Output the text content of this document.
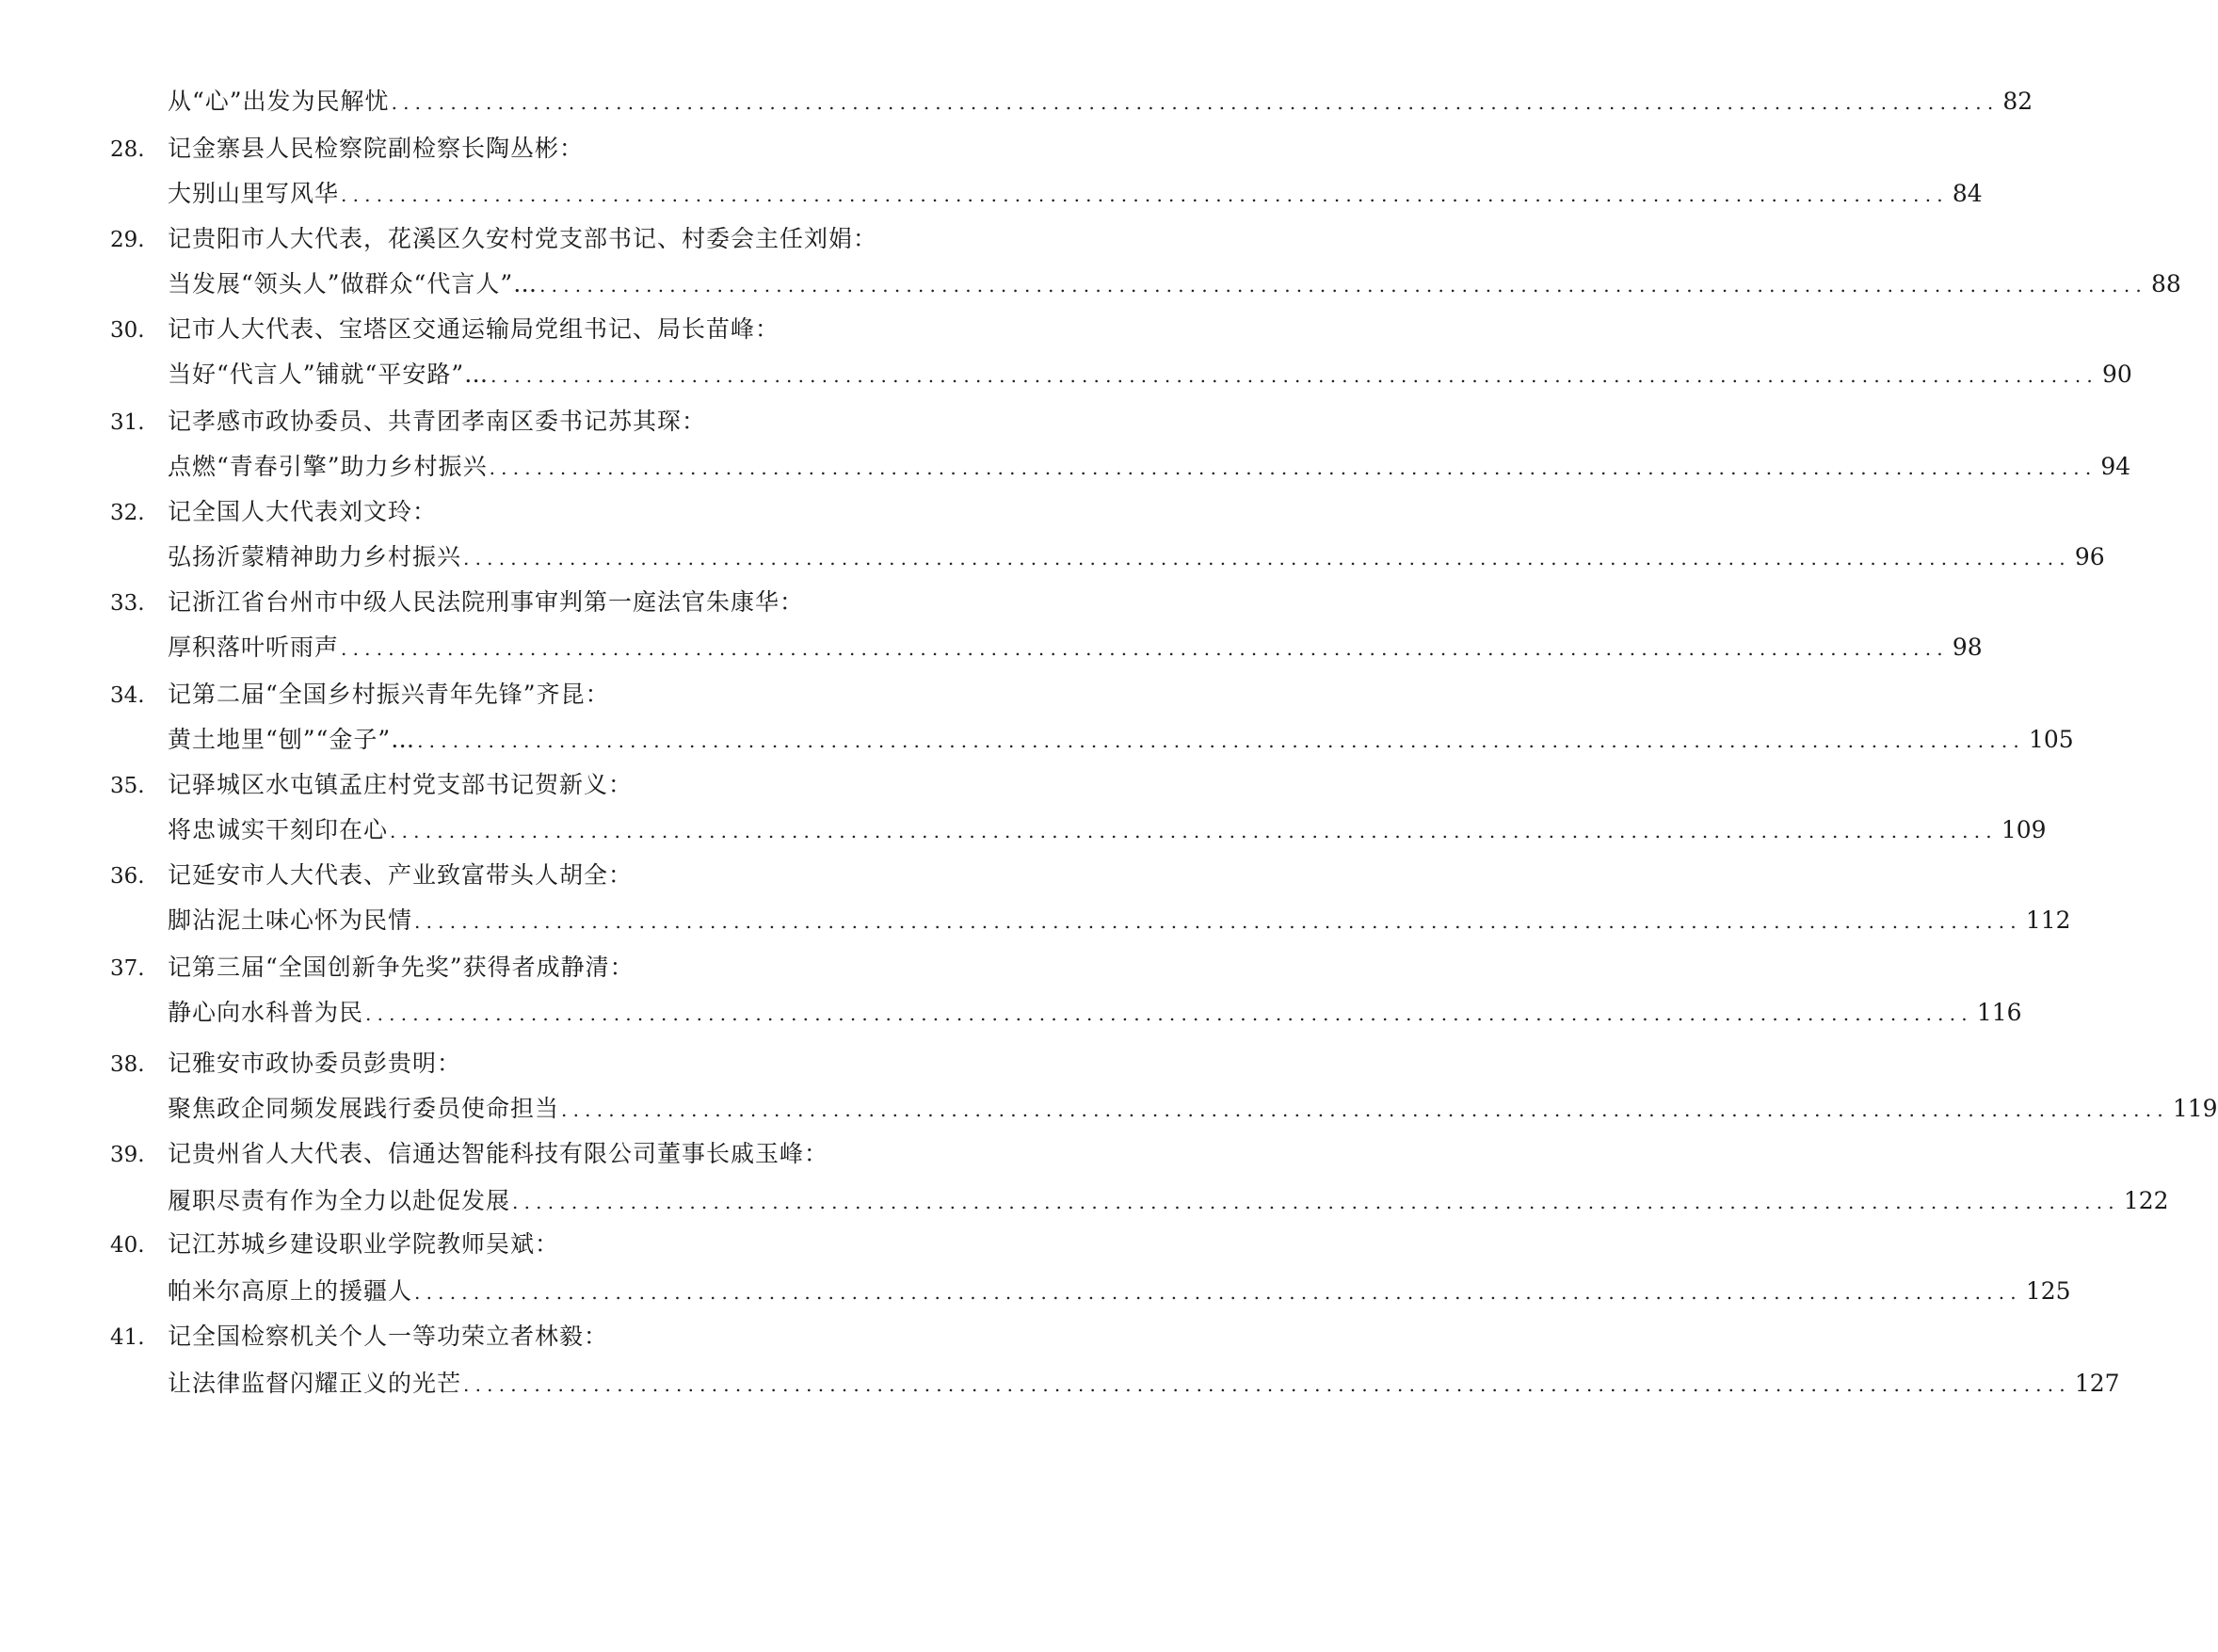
从“心”出发为民解忧 ........................................................................................................................................ 82
28. 记金寨县人民检察院副检察长陶丛彬：
大别山里写风华 ........................................................................................................................................ 84
29. 记贵阳市人大代表，花溪区久安村党支部书记、村委会主任刘娟：
当发展“领头人”做群众“代言人”… ........................................................................................................................................ 88
30. 记市人大代表、宝塔区交通运输局党组书记、局长苗峰：
当好“代言人”铺就“平安路”… ........................................................................................................................................ 90
31. 记孝感市政协委员、共青团孝南区委书记苏其琛：
点燃“青春引擎”助力乡村振兴 ........................................................................................................................................ 94
32. 记全国人大代表刘文玲：
弘扬沂蒙精神助力乡村振兴 ........................................................................................................................................ 96
33. 记浙江省台州市中级人民法院刑事审判第一庭法官朱康华：
厚积落叶听雨声 ........................................................................................................................................ 98
34. 记第二届“全国乡村振兴青年先锋”齐昆：
黄土地里“刨”“金子”… ........................................................................................................................................ 105
35. 记驿城区水屯镇孟庄村党支部书记贺新义：
将忠诚实干刻印在心 ........................................................................................................................................ 109
36. 记延安市人大代表、产业致富带头人胡全：
脚沾泥土味心怀为民情 ........................................................................................................................................ 112
37. 记第三届“全国创新争先奖”获得者成静清：
静心向水科普为民 ........................................................................................................................................ 116
38. 记雅安市政协委员彭贵明：
聚焦政企同频发展践行委员使命担当 ........................................................................................................................................ 119
39. 记贵州省人大代表、信通达智能科技有限公司董事长戚玉峰：
履职尽责有作为全力以赴促发展 ........................................................................................................................................ 122
40. 记江苏城乡建设职业学院教师吴斌：
帕米尔高原上的援疆人 ........................................................................................................................................ 125
41. 记全国检察机关个人一等功荣立者林毅：
让法律监督闪耀正义的光芒 ........................................................................................................................................ 127
